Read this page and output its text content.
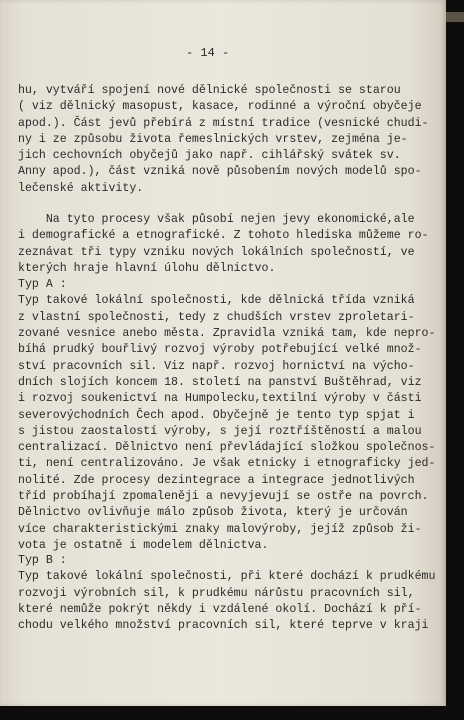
- 14 -
hu, vytváří spojení nové dělnické společnosti se starou
( viz dělnický masopust, kasace, rodinné a výroční obyčeje
apod.). Část jevů přebírá z místní tradice (vesnické chudi-
ny i ze způsobu života řemeslnických vrstev, zejména je-
jich cechovních obyčejů jako např. cihlářský svátek sv.
Anny apod.), část vzniká nově působením nových modelů spo-
lečenské aktivity.
Na tyto procesy však působí nejen jevy ekonomické,ale
i demografické a etnografické. Z tohoto hlediska můžeme ro-
zeznávat tři typy vzniku nových lokálních společností, ve
kterých hraje hlavní úlohu dělnictvo.
Typ A :
Typ takové lokální společnosti, kde dělnická třída vzniká
z vlastní společnosti, tedy z chudších vrstev zproletari-
zované vesnice anebo města. Zpravidla vzniká tam, kde nepro-
bíhá prudký bouřlivý rozvoj výroby potřebující velké množ-
ství pracovních sil. Viz např. rozvoj hornictví na výcho-
dních slojích koncem 18. století na panství Buštěhrad, viz
i rozvoj soukenictví na Humpolecku,textilní výroby v části
severovýchodních Čech apod. Obyčejně je tento typ spjat i
s jistou zaostalostí výroby, s její roztříštěností a malou
centralizací. Dělnictvo není převládající složkou společnos-
ti, není centralizováno. Je však etnicky i etnograficky jed-
nolité. Zde procesy dezintegrace a integrace jednotlivých
tříd probíhají zpomaleněji a nevyjevují se ostře na povrch.
Dělnictvo ovlivňuje málo způsob života, který je určován
více charakteristickými znaky malovýroby, jejíž způsob ži-
vota je ostatně i modelem dělnictva.
Typ B :
Typ takové lokální společnosti, při které dochází k prudkému
rozvoji výrobních sil, k prudkému nárůstu pracovních sil,
které nemůže pokrýt někdy i vzdálené okolí. Dochází k pří-
chodu velkého množství pracovních sil, které teprve v kraji
